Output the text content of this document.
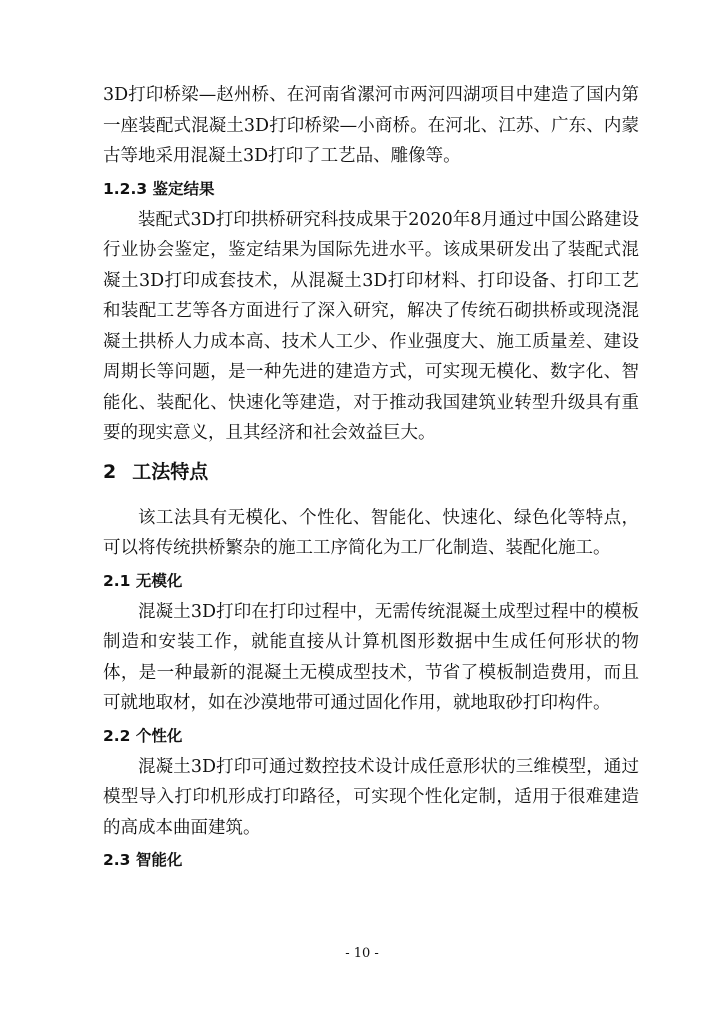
3D打印桥梁—赵州桥、在河南省漯河市两河四湖项目中建造了国内第一座装配式混凝土3D打印桥梁—小商桥。在河北、江苏、广东、内蒙古等地采用混凝土3D打印了工艺品、雕像等。

1.2.3 鉴定结果

装配式3D打印拱桥研究科技成果于2020年8月通过中国公路建设行业协会鉴定，鉴定结果为国际先进水平。该成果研发出了装配式混凝土3D打印成套技术，从混凝土3D打印材料、打印设备、打印工艺和装配工艺等各方面进行了深入研究，解决了传统石砌拱桥或现浇混凝土拱桥人力成本高、技术人工少、作业强度大、施工质量差、建设周期长等问题，是一种先进的建造方式，可实现无模化、数字化、智能化、装配化、快速化等建造，对于推动我国建筑业转型升级具有重要的现实意义，且其经济和社会效益巨大。

2 工法特点

该工法具有无模化、个性化、智能化、快速化、绿色化等特点，可以将传统拱桥繁杂的施工工序简化为工厂化制造、装配化施工。

2.1 无模化

混凝土3D打印在打印过程中，无需传统混凝土成型过程中的模板制造和安装工作，就能直接从计算机图形数据中生成任何形状的物体，是一种最新的混凝土无模成型技术，节省了模板制造费用，而且可就地取材，如在沙漠地带可通过固化作用，就地取砂打印构件。

2.2 个性化

混凝土3D打印可通过数控技术设计成任意形状的三维模型，通过模型导入打印机形成打印路径，可实现个性化定制，适用于很难建造的高成本曲面建筑。

2.3 智能化
- 10 -
